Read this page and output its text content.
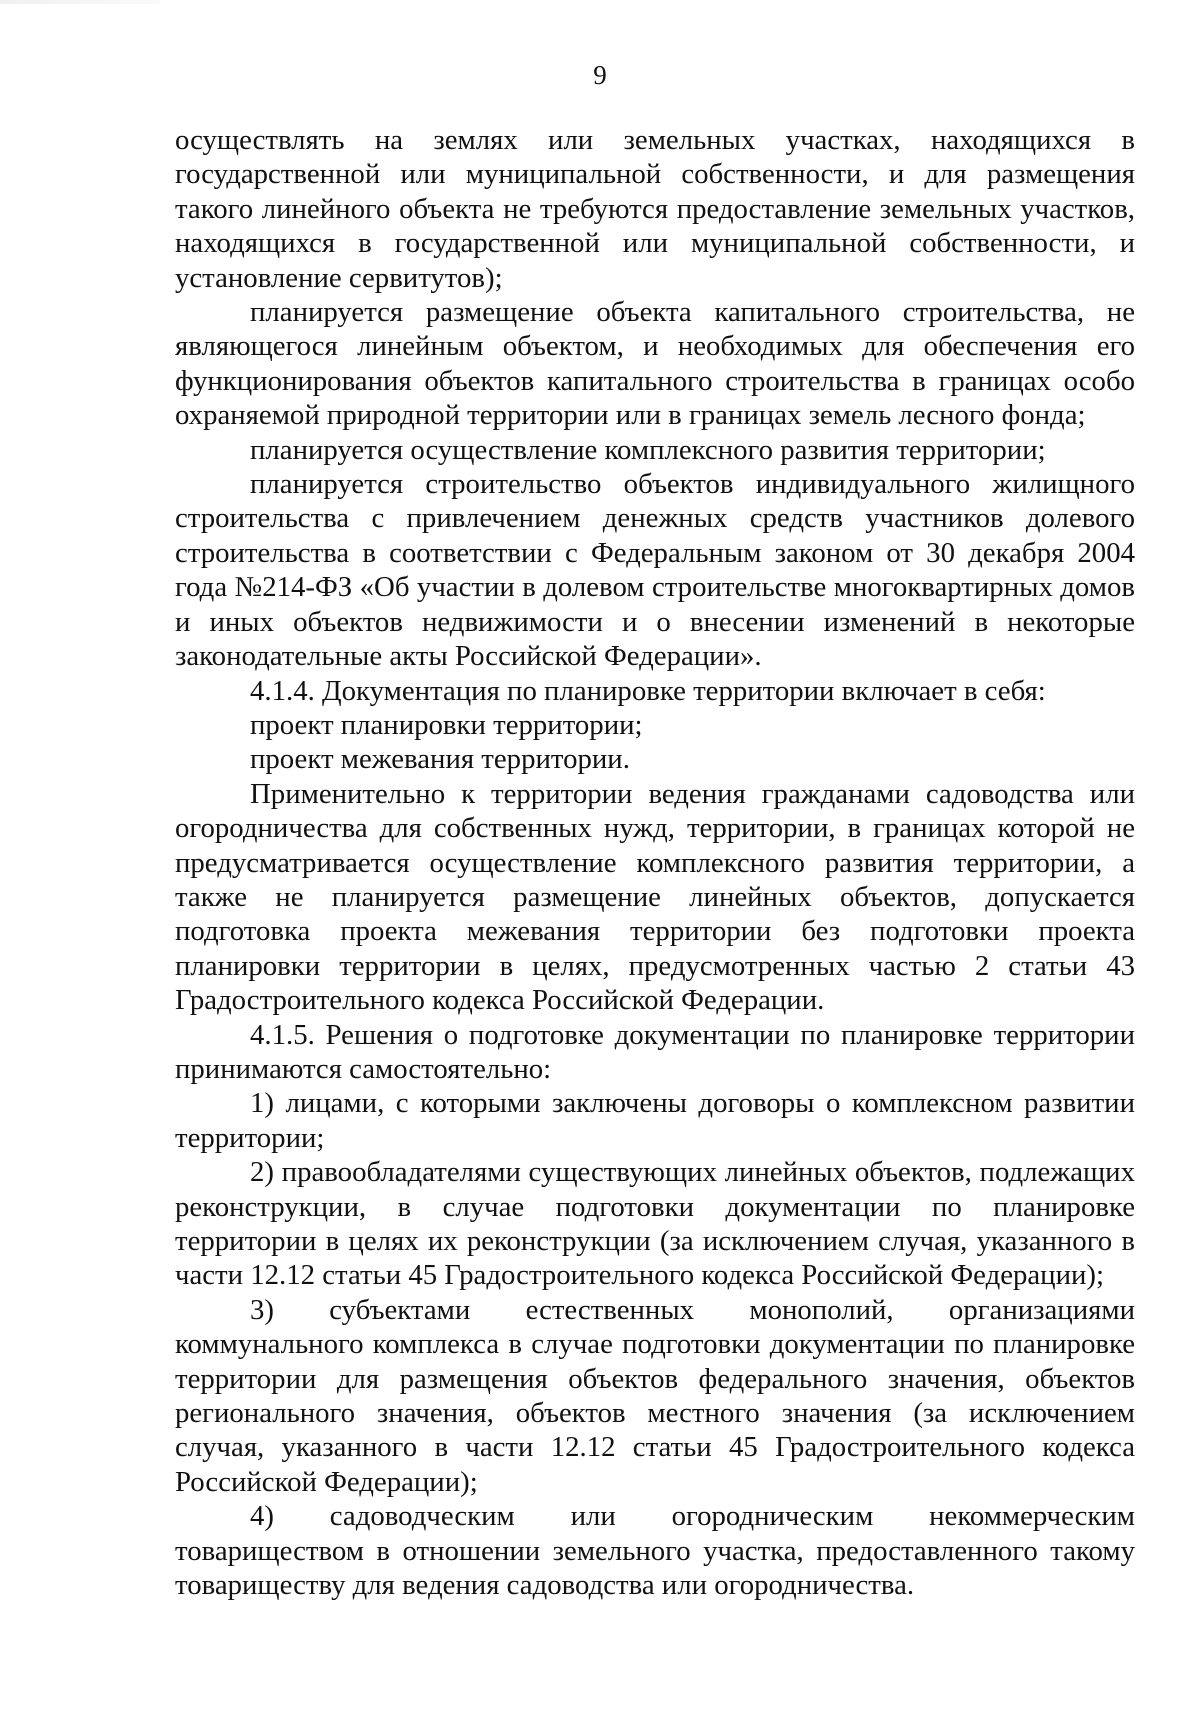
9

осуществлять на землях или земельных участках, находящихся в государственной или муниципальной собственности, и для размещения такого линейного объекта не требуются предоставление земельных участков, находящихся в государственной или муниципальной собственности, и установление сервитутов);

планируется размещение объекта капитального строительства, не являющегося линейным объектом, и необходимых для обеспечения его функционирования объектов капитального строительства в границах особо охраняемой природной территории или в границах земель лесного фонда;

планируется осуществление комплексного развития территории;

планируется строительство объектов индивидуального жилищного строительства с привлечением денежных средств участников долевого строительства в соответствии с Федеральным законом от 30 декабря 2004 года №214-ФЗ «Об участии в долевом строительстве многоквартирных домов и иных объектов недвижимости и о внесении изменений в некоторые законодательные акты Российской Федерации».

4.1.4. Документация по планировке территории включает в себя:

проект планировки территории;

проект межевания территории.

Применительно к территории ведения гражданами садоводства или огородничества для собственных нужд, территории, в границах которой не предусматривается осуществление комплексного развития территории, а также не планируется размещение линейных объектов, допускается подготовка проекта межевания территории без подготовки проекта планировки территории в целях, предусмотренных частью 2 статьи 43 Градостроительного кодекса Российской Федерации.

4.1.5. Решения о подготовке документации по планировке территории принимаются самостоятельно:

1) лицами, с которыми заключены договоры о комплексном развитии территории;

2) правообладателями существующих линейных объектов, подлежащих реконструкции, в случае подготовки документации по планировке территории в целях их реконструкции (за исключением случая, указанного в части 12.12 статьи 45 Градостроительного кодекса Российской Федерации);

3) субъектами естественных монополий, организациями коммунального комплекса в случае подготовки документации по планировке территории для размещения объектов федерального значения, объектов регионального значения, объектов местного значения (за исключением случая, указанного в части 12.12 статьи 45 Градостроительного кодекса Российской Федерации);

4) садоводческим или огородническим некоммерческим товариществом в отношении земельного участка, предоставленного такому товариществу для ведения садоводства или огородничества.
